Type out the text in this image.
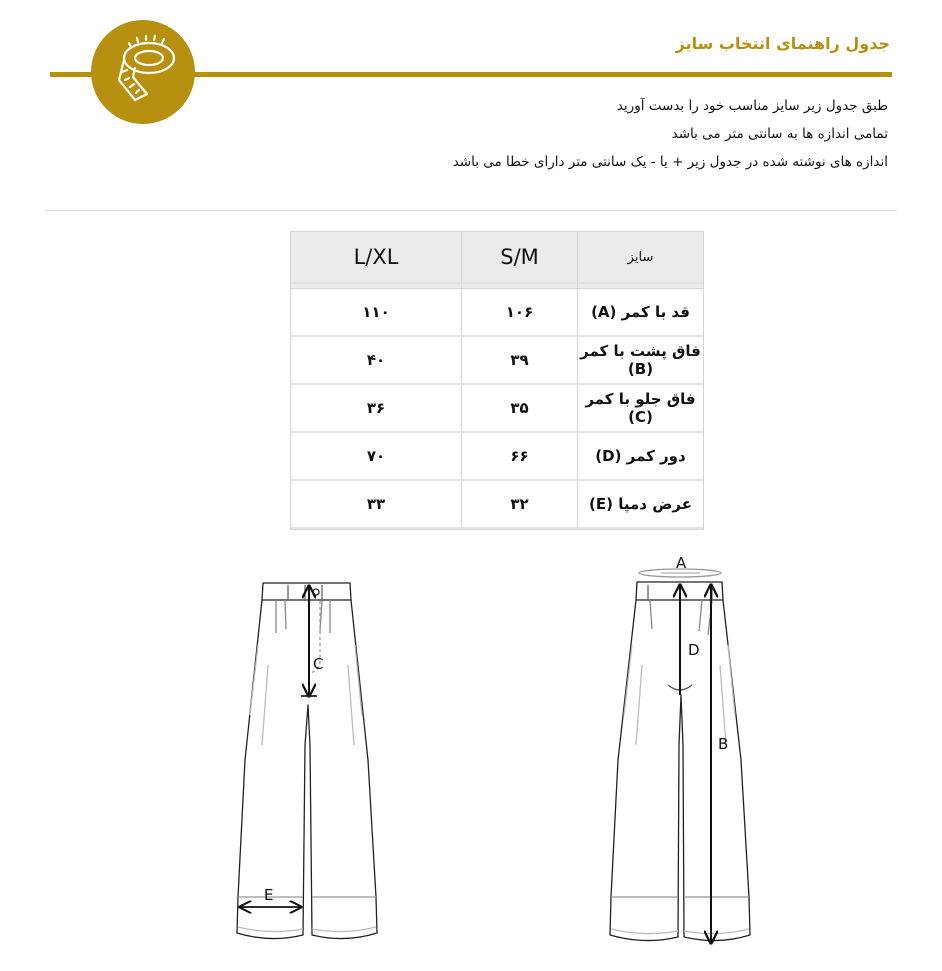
جدول راهنمای انتخاب سایز
طبق جدول زیر سایز مناسب خود را بدست آورید
تمامی اندازه ها به سانتی متر می باشد
اندازه های نوشته شده در جدول زیر + یا - یک سانتی متر دارای خطا می باشد
L/XL	S/M	سایز

۱۱۰	۱۰۶	قد با کمر (A)
۴۰	۳۹	فاق پشت با کمر (B)
۳۶	۳۵	فاق جلو با کمر (C)
۷۰	۶۶	دور کمر (D)
۳۳	۳۲	عرض دمپا (E)
C
E
A
D
B
